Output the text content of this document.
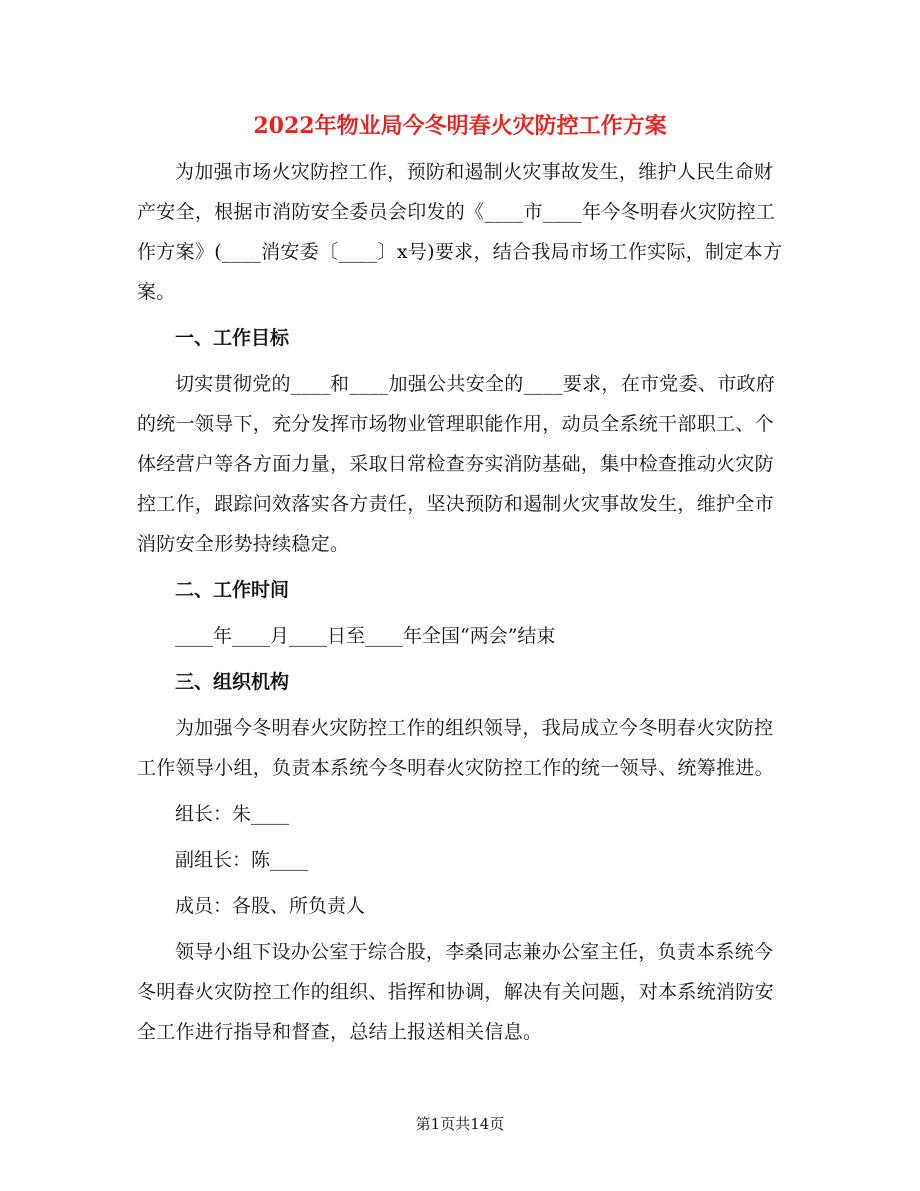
2022年物业局今冬明春火灾防控工作方案

为加强市场火灾防控工作，预防和遏制火灾事故发生，维护人民生命财产安全，根据市消防安全委员会印发的《____市____年今冬明春火灾防控工作方案》(____消安委〔____〕x号)要求，结合我局市场工作实际，制定本方案。

一、工作目标

切实贯彻党的____和____加强公共安全的____要求，在市党委、市政府的统一领导下，充分发挥市场物业管理职能作用，动员全系统干部职工、个体经营户等各方面力量，采取日常检查夯实消防基础，集中检查推动火灾防控工作，跟踪问效落实各方责任，坚决预防和遏制火灾事故发生，维护全市消防安全形势持续稳定。

二、工作时间
____年____月____日至____年全国“两会”结束
三、组织机构

为加强今冬明春火灾防控工作的组织领导，我局成立今冬明春火灾防控工作领导小组，负责本系统今冬明春火灾防控工作的统一领导、统筹推进。

组长：朱____
副组长：陈____
成员：各股、所负责人

领导小组下设办公室于综合股，李桑同志兼办公室主任，负责本系统今冬明春火灾防控工作的组织、指挥和协调，解决有关问题，对本系统消防安全工作进行指导和督查，总结上报送相关信息。

第1页共14页
